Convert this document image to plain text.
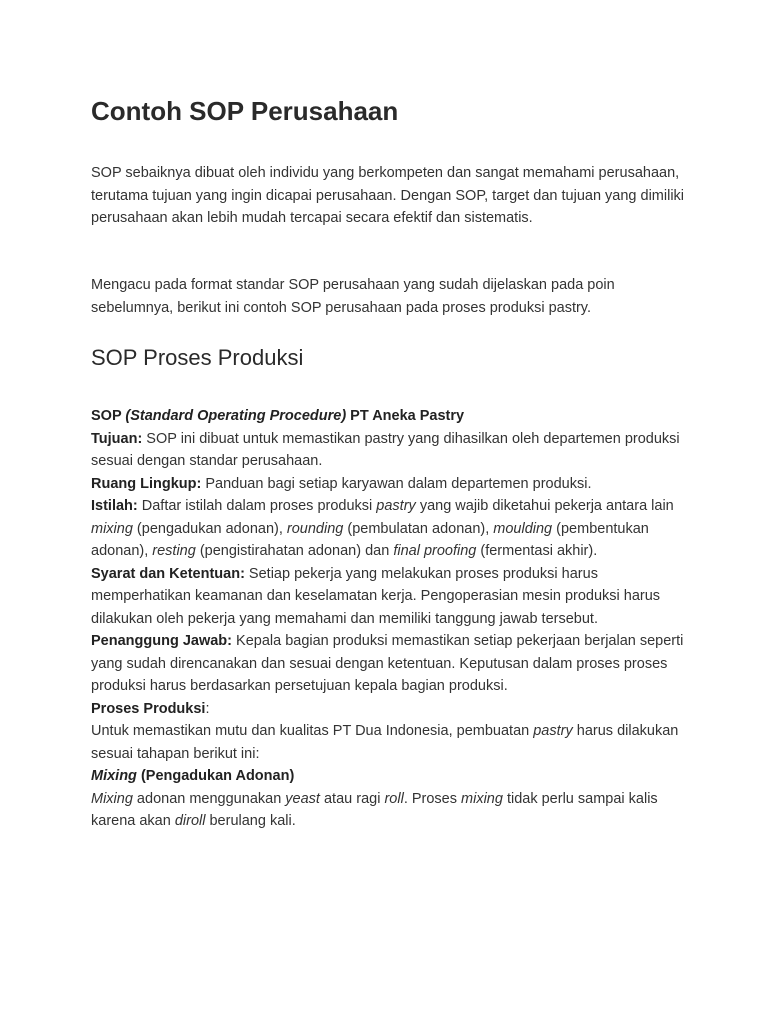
Contoh SOP Perusahaan

SOP sebaiknya dibuat oleh individu yang berkompeten dan sangat memahami perusahaan, terutama tujuan yang ingin dicapai perusahaan. Dengan SOP, target dan tujuan yang dimiliki perusahaan akan lebih mudah tercapai secara efektif dan sistematis.

Mengacu pada format standar SOP perusahaan yang sudah dijelaskan pada poin sebelumnya, berikut ini contoh SOP perusahaan pada proses produksi pastry.

SOP Proses Produksi

SOP (Standard Operating Procedure) PT Aneka Pastry

Tujuan: SOP ini dibuat untuk memastikan pastry yang dihasilkan oleh departemen produksi sesuai dengan standar perusahaan.

Ruang Lingkup: Panduan bagi setiap karyawan dalam departemen produksi.

Istilah: Daftar istilah dalam proses produksi pastry yang wajib diketahui pekerja antara lain mixing (pengadukan adonan), rounding (pembulatan adonan), moulding (pembentukan adonan), resting (pengistirahatan adonan) dan final proofing (fermentasi akhir).

Syarat dan Ketentuan: Setiap pekerja yang melakukan proses produksi harus memperhatikan keamanan dan keselamatan kerja. Pengoperasian mesin produksi harus dilakukan oleh pekerja yang memahami dan memiliki tanggung jawab tersebut.

Penanggung Jawab: Kepala bagian produksi memastikan setiap pekerjaan berjalan seperti yang sudah direncanakan dan sesuai dengan ketentuan. Keputusan dalam proses proses produksi harus berdasarkan persetujuan kepala bagian produksi.

Proses Produksi:

Untuk memastikan mutu dan kualitas PT Dua Indonesia, pembuatan pastry harus dilakukan sesuai tahapan berikut ini:

Mixing (Pengadukan Adonan)

Mixing adonan menggunakan yeast atau ragi roll. Proses mixing tidak perlu sampai kalis karena akan diroll berulang kali.
